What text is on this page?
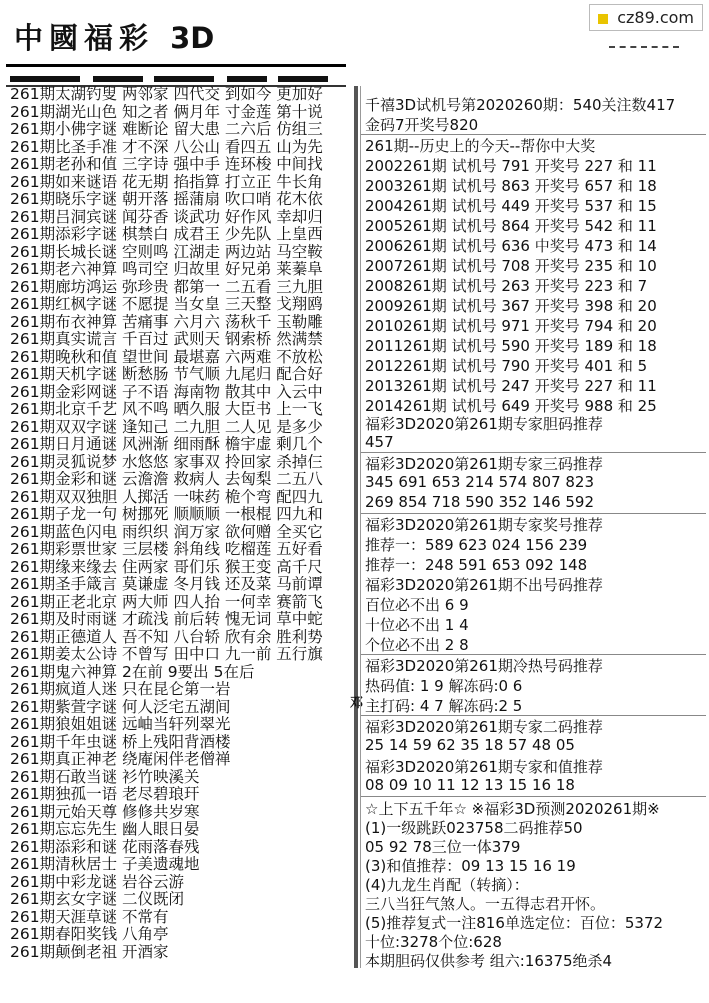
中國福彩 3D
cz89.com

261期太湖钓叟 两邻家 四代交 到如今 更加好
261期湖光山色 知之者 俩月年 寸金莲 第十说
261期小佛字谜 难断论 留大患 二六后 仿组三
261期比圣手准 才不深 八公山 看四五 山为先
261期老孙和值 三字诗 强中手 连环梭 中间找
261期如来谜语 花无期 掐指算 打立正 牛长角
261期晓乐字谜 朝开落 摇蒲扇 吹口哨 花木依
261期吕洞宾谜 闻芬香 谈武功 好作风 幸却归
261期添彩字谜 棋禁白 成君王 少先队 上皇西
261期长城长谜 空则鸣 江湖走 两边站 马空鞍
261期老六神算 鸣司空 归故里 好兄弟 莱蓁阜
261期廊坊鸿运 弥珍贵 都第一 二五看 三九胆
261期红枫字谜 不愿提 当女皇 三天整 戈翔鸥
261期布衣神算 苦痛事 六月六 荡秋千 玉勒雕
261期真实谎言 千百过 武则天 钢索桥 然满禁
261期晚秋和值 望世间 最堪嘉 六两难 不放松
261期天机字谜 断愁肠 节气顺 九尾归 配合好
261期金彩网谜 子不语 海南物 散其中 入云中
261期北京千艺 风不鸣 晒久服 大臣书 上一飞
261期双双字谜 逢知己 二九胆 二人见 是多少
261期日月通谜 风洲渐 细雨酥 檐宇虚 剩几个
261期灵狐说梦 水悠悠 家事双 拎回家 杀掉仨
261期金彩和谜 云澹澹 救病人 去匈梨 二五八
261期双双独胆 人掷活 一味药 桅个弯 配四九
261期子龙一句 树挪死 顺顺顺 一根棍 四九和
261期蓝色闪电 雨织织 润万家 欲何赠 全买它
261期彩票世家 三层楼 斜角线 吃榴莲 五好看
261期缘来缘去 住两家 哥们乐 猴王变 高千尺
261期圣手箴言 莫谦虚 冬月钱 还及菜 马前谭
261期正老北京 两大师 四人抬 一何幸 赛箭飞
261期及时雨谜 才疏浅 前后转 愧无词 草中蛇
261期正德道人 吾不知 八台轿 欣有余 胜利势
261期姜太公诗 不曾写 田中口 九一前 五行旗
261期鬼六神算 2在前 9要出 5在后
261期疯道人迷 只在昆仑第一岩
261期紫萱字谜 何人泛宅五湖间
261期狼姐姐谜 远岫当轩列翠光
261期千年虫谜 桥上残阳背酒楼
261期真正神老 绕庵闲伴老僧禅
261期石敢当谜 衫竹映溪关
261期独孤一语 老尽碧琅玕
261期元始天尊 修修共岁寒
261期忘忘先生 幽人眼日晏
261期添彩和谜 花雨落春残
261期清秋居士 子美遗魂地
261期中彩龙谜 岩谷云游
261期玄女字谜 二仪既闭
261期天涯草谜 不常有
261期春阳奖钱 八角亭
261期颠倒老祖 开酒家
邓
千禧3D试机号第2020260期：540关注数417
金码7开奖号820
261期--历史上的今天--帮你中大奖
2002261期 试机号 791 开奖号 227 和 11
2003261期 试机号 863 开奖号 657 和 18
2004261期 试机号 449 开奖号 537 和 15
2005261期 试机号 864 开奖号 542 和 11
2006261期 试机号 636 中奖号 473 和 14
2007261期 试机号 708 开奖号 235 和 10
2008261期 试机号 263 开奖号 223 和 7
2009261期 试机号 367 开奖号 398 和 20
2010261期 试机号 971 开奖号 794 和 20
2011261期 试机号 590 开奖号 189 和 18
2012261期 试机号 790 开奖号 401 和 5
2013261期 试机号 247 开奖号 227 和 11
2014261期 试机号 649 开奖号 988 和 25
福彩3D2020第261期专家胆码推荐
457
福彩3D2020第261期专家三码推荐
345 691 653 214 574 807 823
269 854 718 590 352 146 592
福彩3D2020第261期专家奖号推荐
推荐一：589 623 024 156 239
推荐一：248 591 653 092 148
福彩3D2020第261期不出号码推荐
百位必不出 6 9
十位必不出 1 4
个位必不出 2 8
福彩3D2020第261期冷热号码推荐
热码值: 1 9 解冻码:0 6
主打码: 4 7 解冻码:2 5
福彩3D2020第261期专家二码推荐
25 14 59 62 35 18 57 48 05
福彩3D2020第261期专家和值推荐
08 09 10 11 12 13 15 16 18
☆上下五千年☆ ※福彩3D预测2020261期※
(1)一级跳跃023758二码推荐50
05 92 78三位一体379
(3)和值推荐：09 13 15 16 19
(4)九龙生肖配（转摘）：
三八当狂气煞人。一五得志君开怀。
(5)推荐复式一注816单选定位：百位：5372
十位:3278个位:628
本期胆码仅供参考 组六:16375绝杀4
